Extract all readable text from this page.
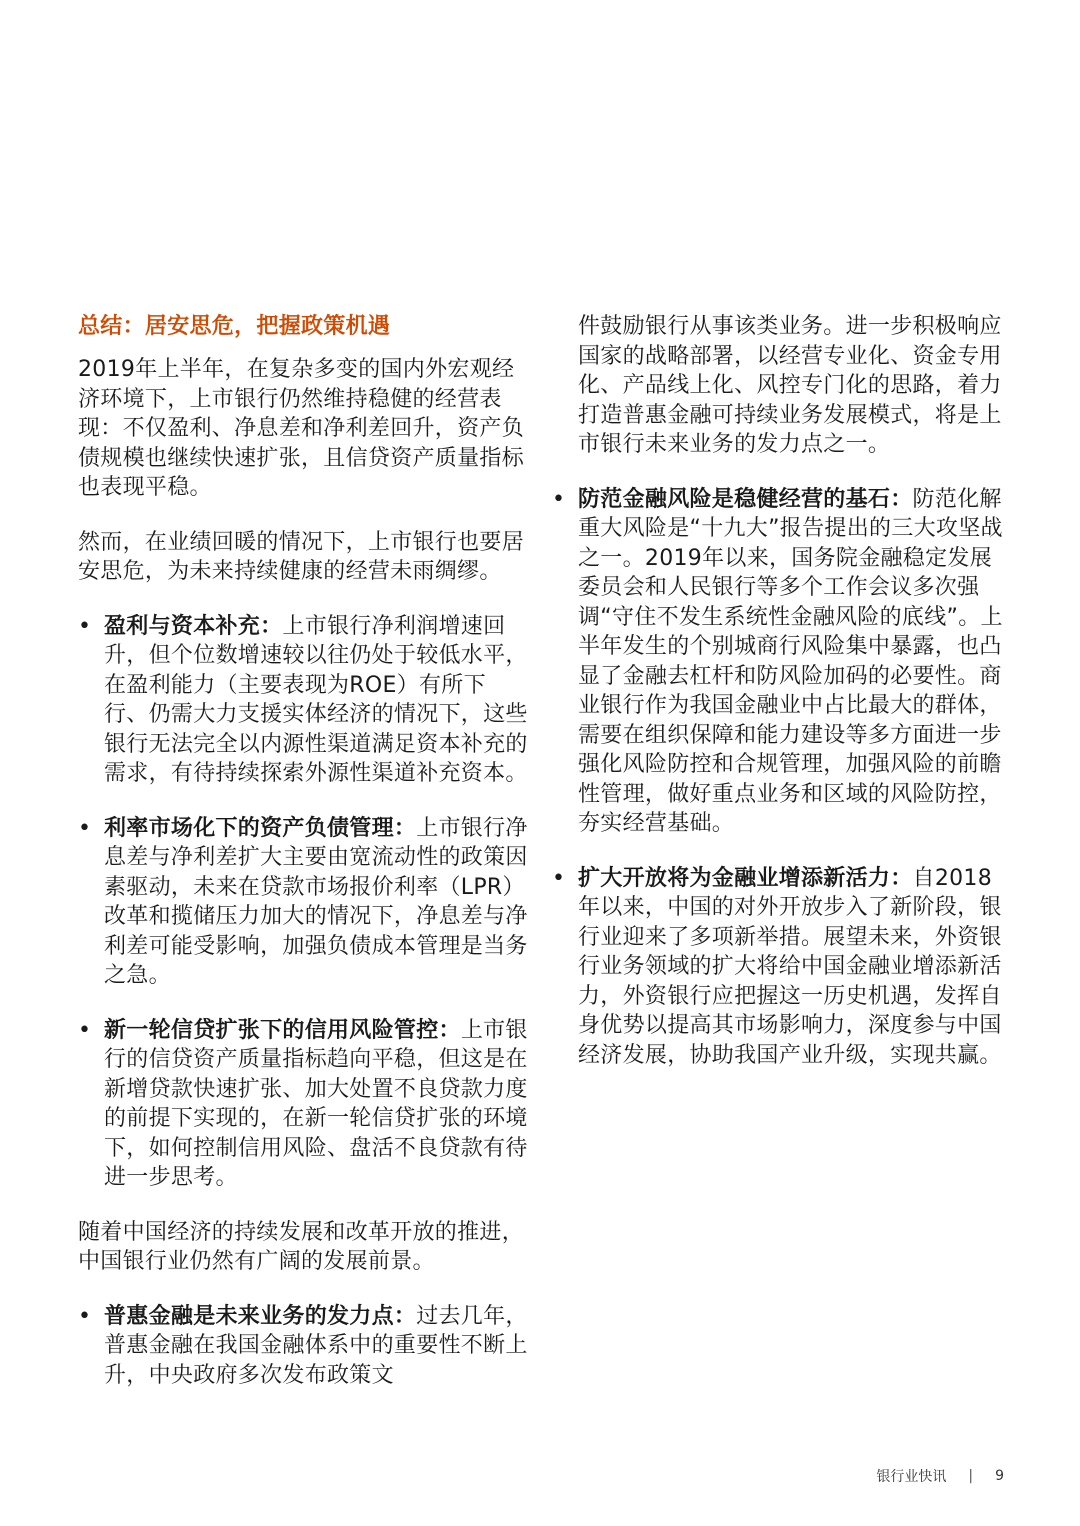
总结：居安思危，把握政策机遇

2019年上半年，在复杂多变的国内外宏观经济环境下，上市银行仍然维持稳健的经营表现：不仅盈利、净息差和净利差回升，资产负债规模也继续快速扩张，且信贷资产质量指标也表现平稳。

然而，在业绩回暖的情况下，上市银行也要居安思危，为未来持续健康的经营未雨绸缪。

• 盈利与资本补充：上市银行净利润增速回升，但个位数增速较以往仍处于较低水平，在盈利能力（主要表现为ROE）有所下行、仍需大力支援实体经济的情况下，这些银行无法完全以内源性渠道满足资本补充的需求，有待持续探索外源性渠道补充资本。
• 利率市场化下的资产负债管理：上市银行净息差与净利差扩大主要由宽流动性的政策因素驱动，未来在贷款市场报价利率（LPR）改革和揽储压力加大的情况下，净息差与净利差可能受影响，加强负债成本管理是当务之急。
• 新一轮信贷扩张下的信用风险管控：上市银行的信贷资产质量指标趋向平稳，但这是在新增贷款快速扩张、加大处置不良贷款力度的前提下实现的，在新一轮信贷扩张的环境下，如何控制信用风险、盘活不良贷款有待进一步思考。

随着中国经济的持续发展和改革开放的推进，中国银行业仍然有广阔的发展前景。

• 普惠金融是未来业务的发力点：过去几年，普惠金融在我国金融体系中的重要性不断上升，中央政府多次发布政策文

件鼓励银行从事该类业务。进一步积极响应国家的战略部署，以经营专业化、资金专用化、产品线上化、风控专门化的思路，着力打造普惠金融可持续业务发展模式，将是上市银行未来业务的发力点之一。

• 防范金融风险是稳健经营的基石：防范化解重大风险是“十九大”报告提出的三大攻坚战之一。2019年以来，国务院金融稳定发展委员会和人民银行等多个工作会议多次强调“守住不发生系统性金融风险的底线”。上半年发生的个别城商行风险集中暴露，也凸显了金融去杠杆和防风险加码的必要性。商业银行作为我国金融业中占比最大的群体，需要在组织保障和能力建设等多方面进一步强化风险防控和合规管理，加强风险的前瞻性管理，做好重点业务和区域的风险防控，夯实经营基础。
• 扩大开放将为金融业增添新活力：自2018年以来，中国的对外开放步入了新阶段，银行业迎来了多项新举措。展望未来，外资银行业务领域的扩大将给中国金融业增添新活力，外资银行应把握这一历史机遇，发挥自身优势以提高其市场影响力，深度参与中国经济发展，协助我国产业升级，实现共赢。
银行业快讯 | 9
